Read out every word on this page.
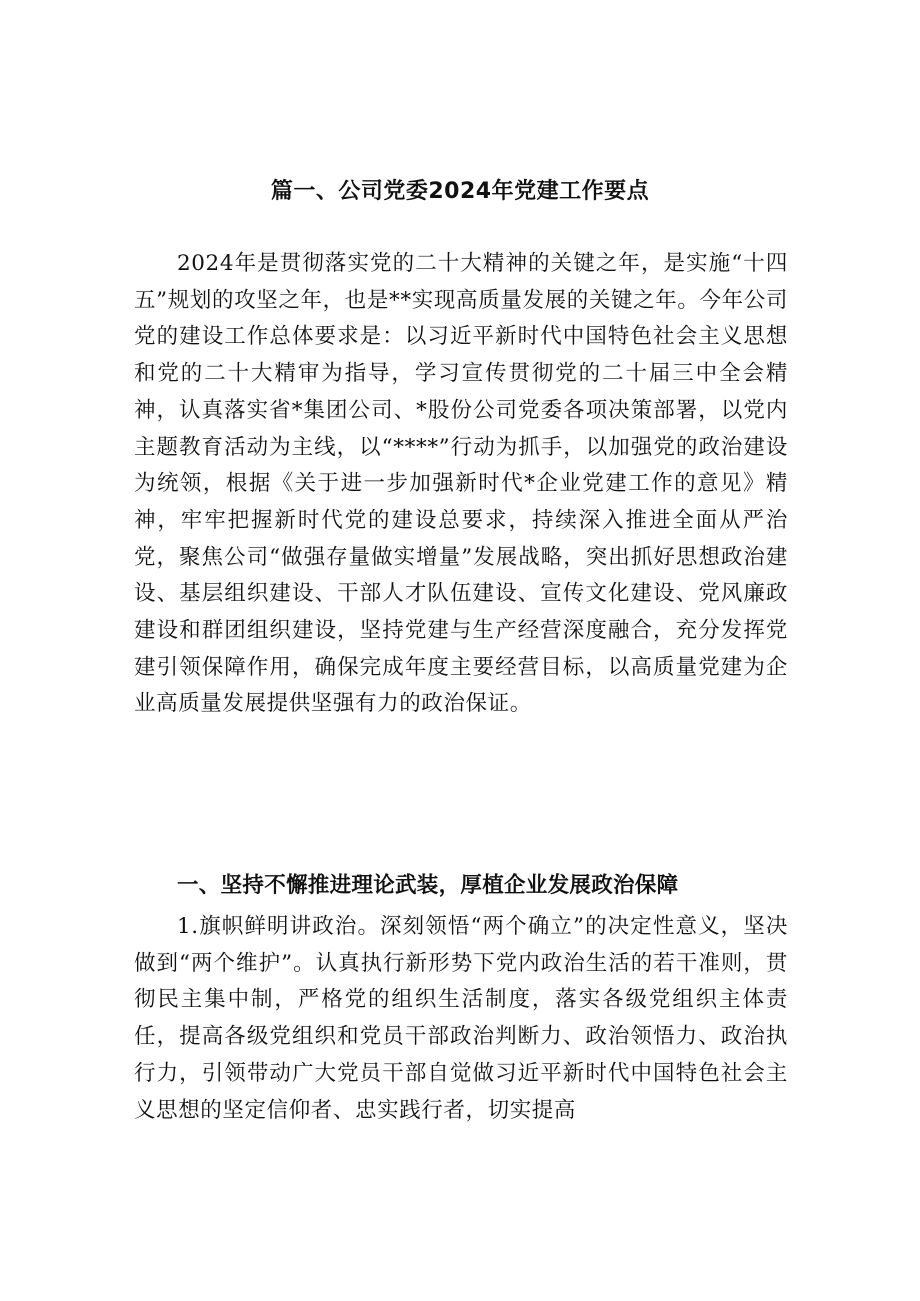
篇一、公司党委2024年党建工作要点

2024年是贯彻落实党的二十大精神的关键之年，是实施“十四五”规划的攻坚之年，也是**实现高质量发展的关键之年。今年公司党的建设工作总体要求是：以习近平新时代中国特色社会主义思想和党的二十大精审为指导，学习宣传贯彻党的二十届三中全会精神，认真落实省*集团公司、*股份公司党委各项决策部署，以党内主题教育活动为主线，以“****”行动为抓手，以加强党的政治建设为统领，根据《关于进一步加强新时代*企业党建工作的意见》精神，牢牢把握新时代党的建设总要求，持续深入推进全面从严治党，聚焦公司“做强存量做实增量”发展战略，突出抓好思想政治建设、基层组织建设、干部人才队伍建设、宣传文化建设、党风廉政建设和群团组织建设，坚持党建与生产经营深度融合，充分发挥党建引领保障作用，确保完成年度主要经营目标，以高质量党建为企业高质量发展提供坚强有力的政治保证。

一、坚持不懈推进理论武装，厚植企业发展政治保障

1.旗帜鲜明讲政治。深刻领悟“两个确立”的决定性意义，坚决做到“两个维护”。认真执行新形势下党内政治生活的若干准则，贯彻民主集中制，严格党的组织生活制度，落实各级党组织主体责任，提高各级党组织和党员干部政治判断力、政治领悟力、政治执行力，引领带动广大党员干部自觉做习近平新时代中国特色社会主义思想的坚定信仰者、忠实践行者，切实提高
